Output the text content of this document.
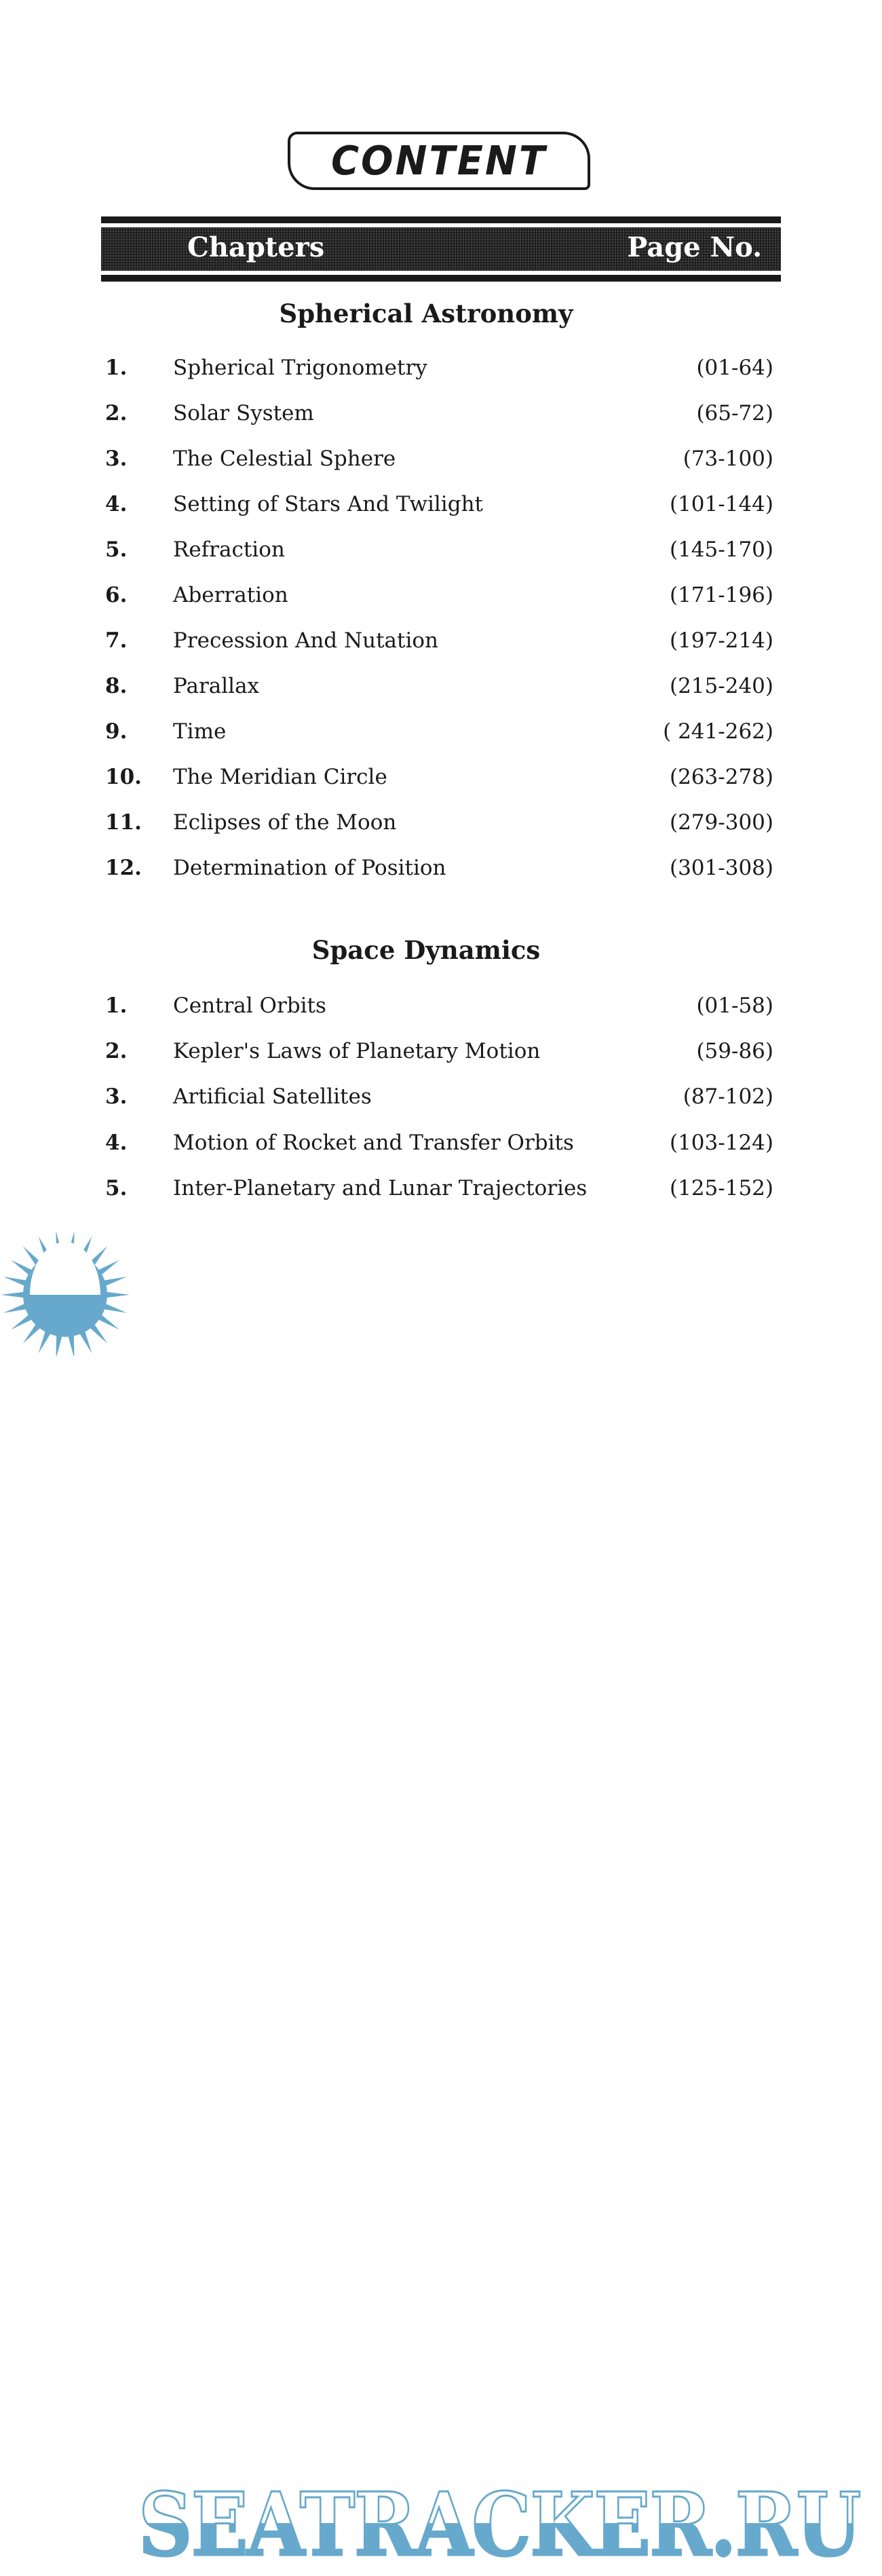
CONTENT
Chapters	Page No.
Spherical Astronomy
1. Spherical Trigonometry	(01-64)
2. Solar System	(65-72)
3. The Celestial Sphere	(73-100)
4. Setting of Stars And Twilight	(101-144)
5. Refraction	(145-170)
6. Aberration	(171-196)
7. Precession And Nutation	(197-214)
8. Parallax	(215-240)
9. Time	( 241-262)
10. The Meridian Circle	(263-278)
11. Eclipses of the Moon	(279-300)
12. Determination of Position	(301-308)
Space Dynamics
1. Central Orbits	(01-58)
2. Kepler's Laws of Planetary Motion	(59-86)
3. Artificial Satellites	(87-102)
4. Motion of Rocket and Transfer Orbits	(103-124)
5. Inter-Planetary and Lunar Trajectories	(125-152)
SEATRACKER.RU
